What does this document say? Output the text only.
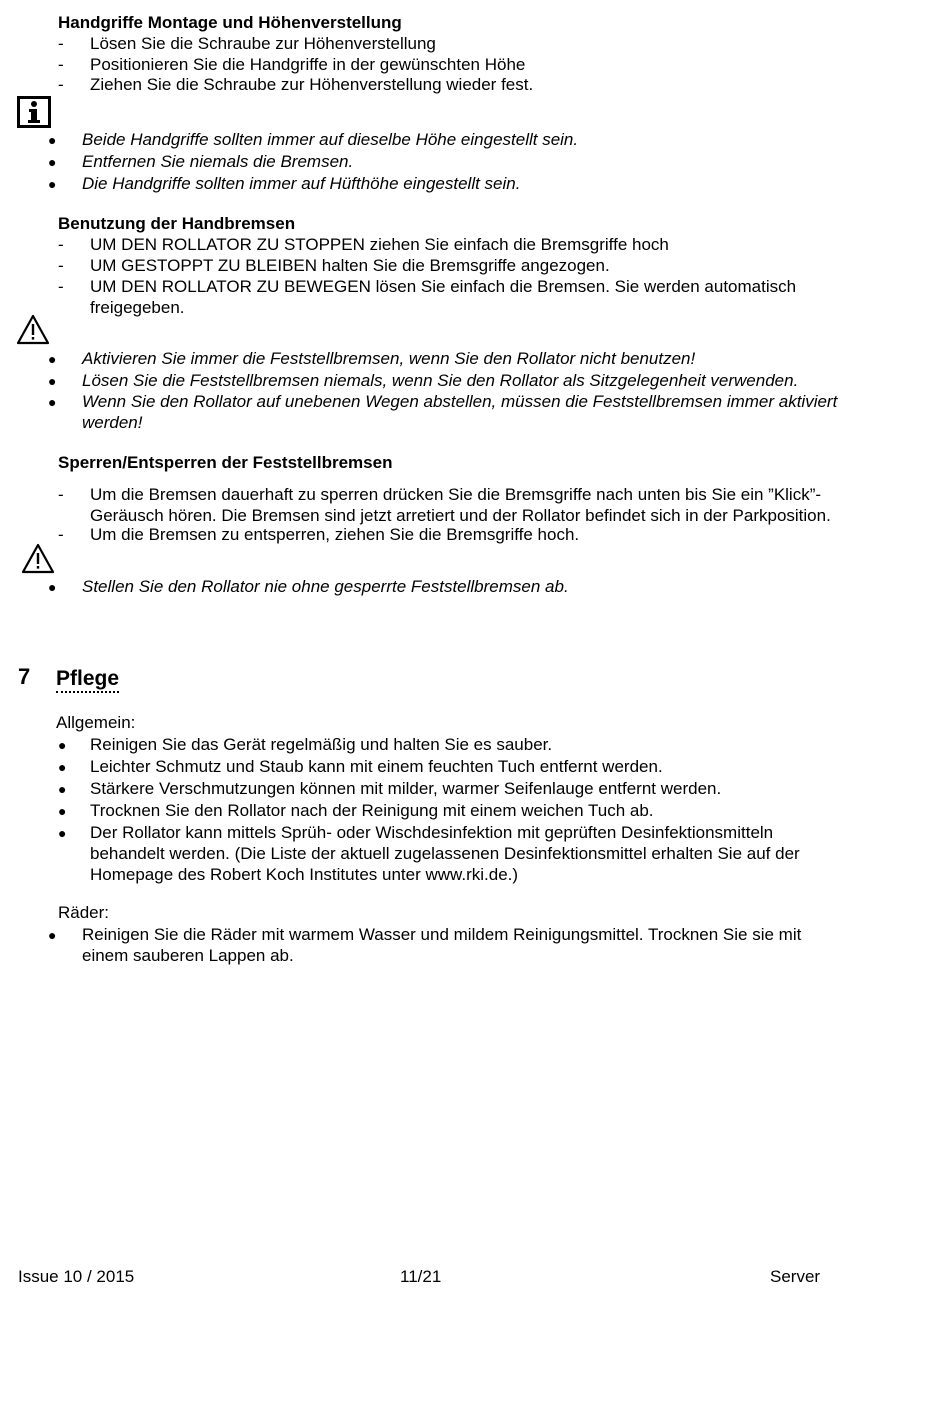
Handgriffe Montage und Höhenverstellung
-	Lösen Sie die Schraube zur Höhenverstellung
-	Positionieren Sie die Handgriffe in der gewünschten Höhe
-	Ziehen Sie die Schraube zur Höhenverstellung wieder fest.
● Beide Handgriffe sollten immer auf dieselbe Höhe eingestellt sein.
● Entfernen Sie niemals die Bremsen.
● Die Handgriffe sollten immer auf Hüfthöhe eingestellt sein.
Benutzung der Handbremsen
-	UM DEN ROLLATOR ZU STOPPEN ziehen Sie einfach die Bremsgriffe hoch
-	UM GESTOPPT ZU BLEIBEN halten Sie die Bremsgriffe angezogen.
-	UM DEN ROLLATOR ZU BEWEGEN lösen Sie einfach die Bremsen. Sie werden automatisch freigegeben.
● Aktivieren Sie immer die Feststellbremsen, wenn Sie den Rollator nicht benutzen!
● Lösen Sie die Feststellbremsen niemals, wenn Sie den Rollator als Sitzgelegenheit verwenden.
● Wenn Sie den Rollator auf unebenen Wegen abstellen, müssen die Feststellbremsen immer aktiviert werden!
Sperren/Entsperren der Feststellbremsen
-	Um die Bremsen dauerhaft zu sperren drücken Sie die Bremsgriffe nach unten bis Sie ein ”Klick”-Geräusch hören. Die Bremsen sind jetzt arretiert und der Rollator befindet sich in der Parkposition.
-	Um die Bremsen zu entsperren, ziehen Sie die Bremsgriffe hoch.
● Stellen Sie den Rollator nie ohne gesperrte Feststellbremsen ab.
7 Pflege
Allgemein:
● Reinigen Sie das Gerät regelmäßig und halten Sie es sauber.
● Leichter Schmutz und Staub kann mit einem feuchten Tuch entfernt werden.
● Stärkere Verschmutzungen können mit milder, warmer Seifenlauge entfernt werden.
● Trocknen Sie den Rollator nach der Reinigung mit einem weichen Tuch ab.
● Der Rollator kann mittels Sprüh- oder Wischdesinfektion mit geprüften Desinfektionsmitteln behandelt werden. (Die Liste der aktuell zugelassenen Desinfektionsmittel erhalten Sie auf der Homepage des Robert Koch Institutes unter www.rki.de.)
Räder:
● Reinigen Sie die Räder mit warmem Wasser und mildem Reinigungsmittel. Trocknen Sie sie mit einem sauberen Lappen ab.
Issue 10 / 2015	11/21	Server
